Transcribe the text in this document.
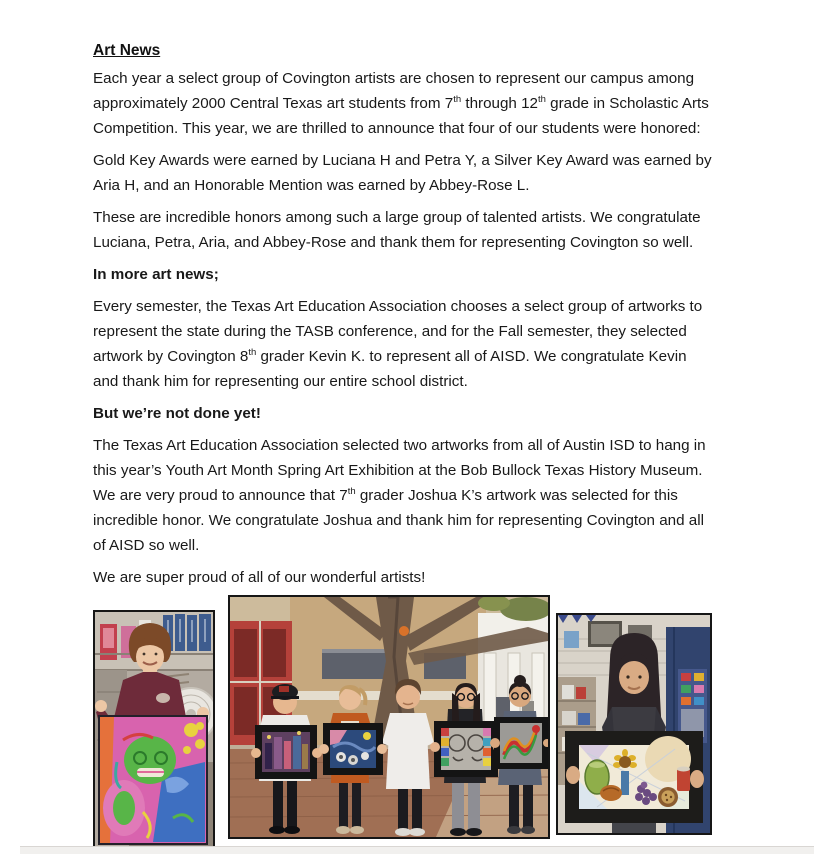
Art News

Each year a select group of Covington artists are chosen to represent our campus among approximately 2000 Central Texas art students from 7th through 12th grade in Scholastic Arts Competition. This year, we are thrilled to announce that four of our students were honored:

Gold Key Awards were earned by Luciana H and Petra Y, a Silver Key Award was earned by Aria H, and an Honorable Mention was earned by Abbey-Rose L.

These are incredible honors among such a large group of talented artists. We congratulate Luciana, Petra, Aria, and Abbey-Rose and thank them for representing Covington so well.

In more art news;

Every semester, the Texas Art Education Association chooses a select group of artworks to represent the state during the TASB conference, and for the Fall semester, they selected artwork by Covington 8th grader Kevin K. to represent all of AISD. We congratulate Kevin and thank him for representing our entire school district.

But we’re not done yet!

The Texas Art Education Association selected two artworks from all of Austin ISD to hang in this year’s Youth Art Month Spring Art Exhibition at the Bob Bullock Texas History Museum. We are very proud to announce that 7th grader Joshua K’s artwork was selected for this incredible honor. We congratulate Joshua and thank him for representing Covington and all of AISD so well.

We are super proud of all of our wonderful artists!
